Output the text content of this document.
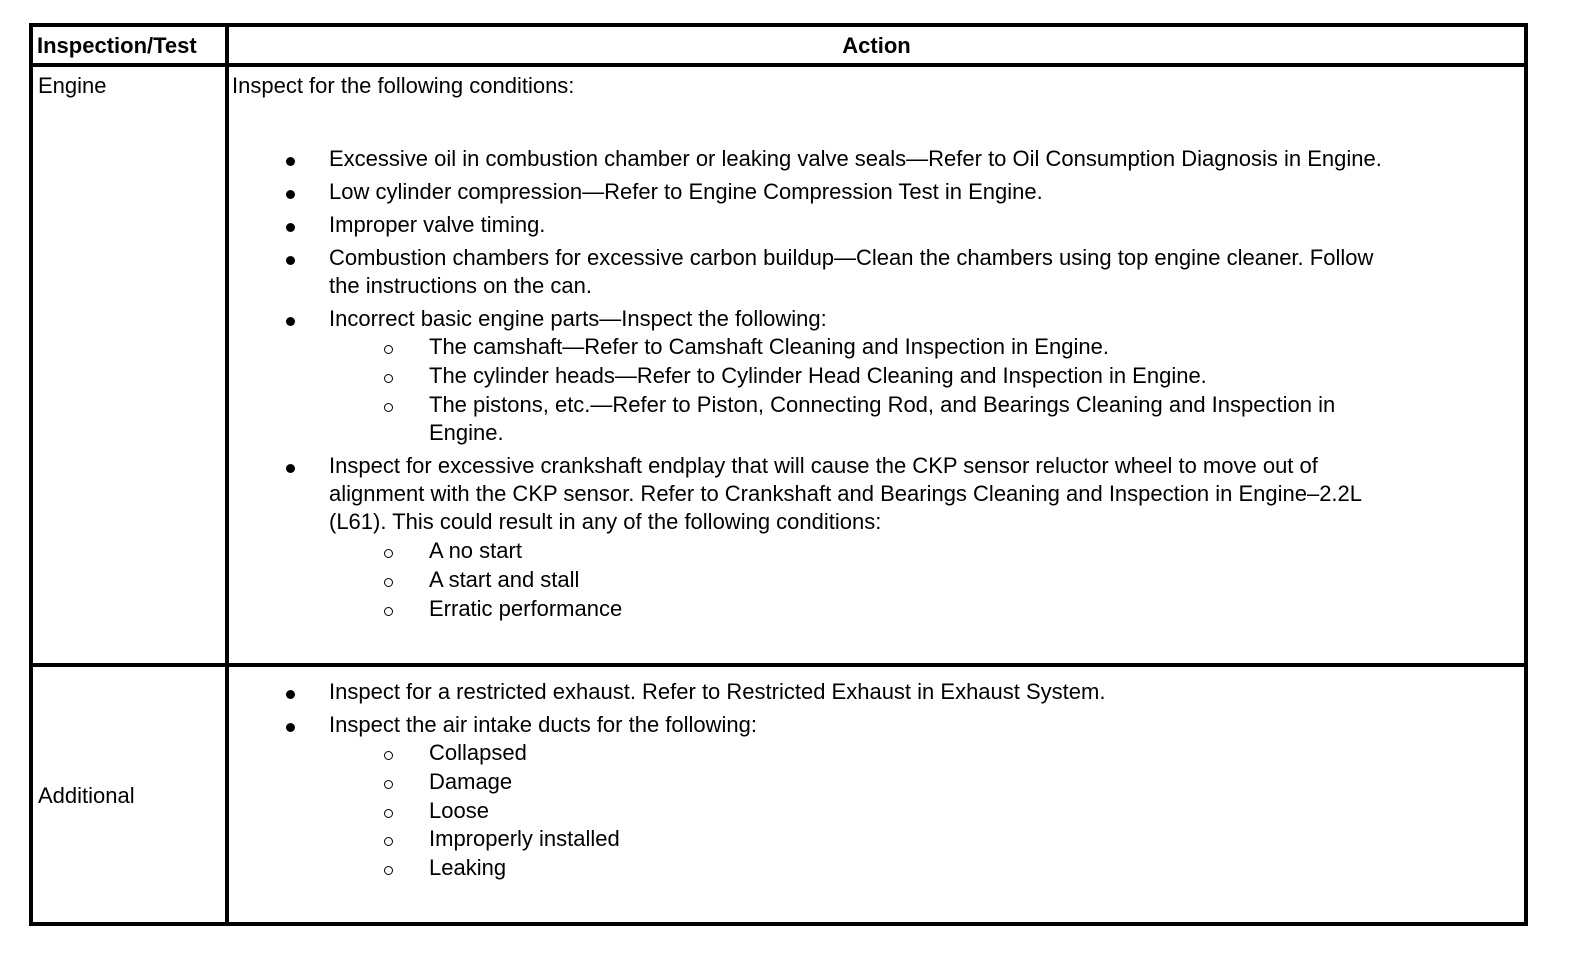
Inspection/Test	Action
Engine
Additional
Inspect for the following conditions:
Excessive oil in combustion chamber or leaking valve seals—Refer to Oil Consumption Diagnosis in Engine.
Low cylinder compression—Refer to Engine Compression Test in Engine.
Improper valve timing.
Combustion chambers for excessive carbon buildup—Clean the chambers using top engine cleaner. Follow
the instructions on the can.
Incorrect basic engine parts—Inspect the following:
The camshaft—Refer to Camshaft Cleaning and Inspection in Engine.
The cylinder heads—Refer to Cylinder Head Cleaning and Inspection in Engine.
The pistons, etc.—Refer to Piston, Connecting Rod, and Bearings Cleaning and Inspection in
Engine.
Inspect for excessive crankshaft endplay that will cause the CKP sensor reluctor wheel to move out of
alignment with the CKP sensor. Refer to Crankshaft and Bearings Cleaning and Inspection in Engine–2.2L
(L61). This could result in any of the following conditions:
A no start
A start and stall
Erratic performance
Inspect for a restricted exhaust. Refer to Restricted Exhaust in Exhaust System.
Inspect the air intake ducts for the following:
Collapsed
Damage
Loose
Improperly installed
Leaking
